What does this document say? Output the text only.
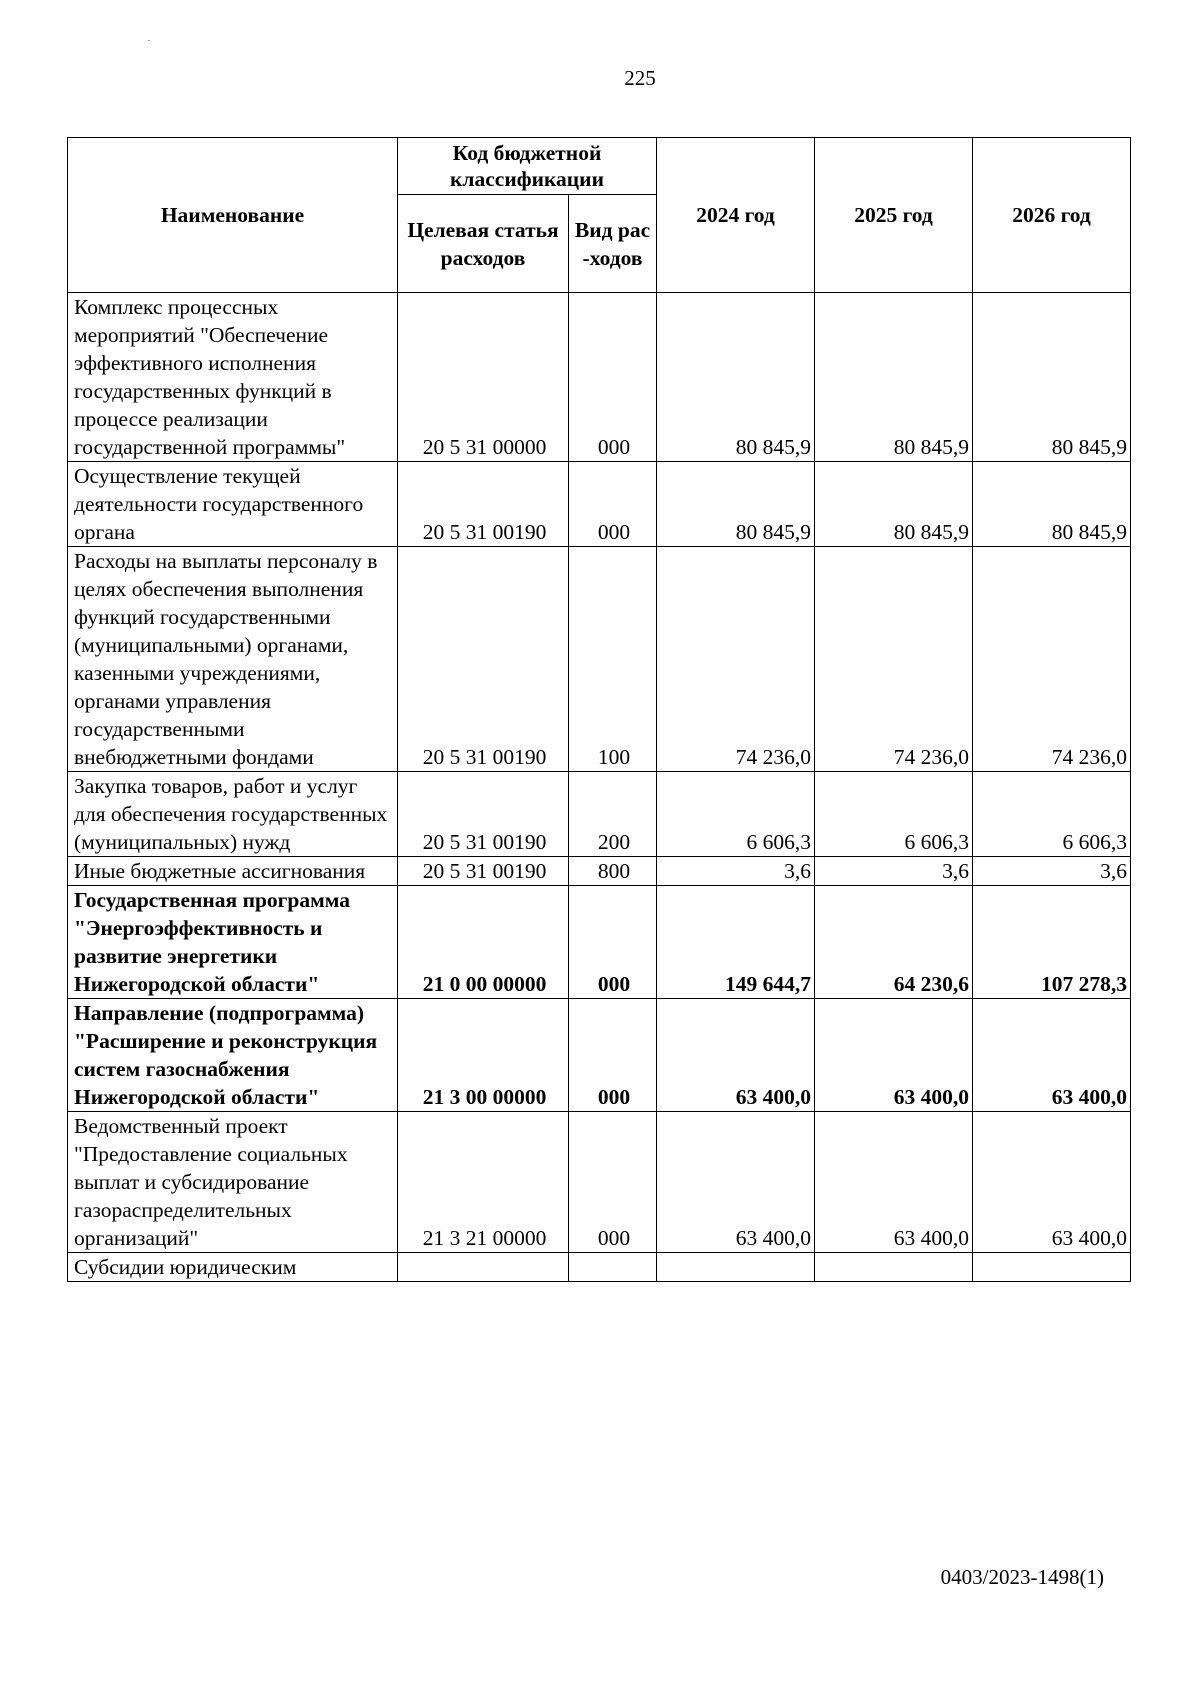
225
Наименование	Код бюджетной классификации		2024 год	2025 год	2026 год
	Целевая статья расходов	Вид рас-ходов			
Комплекс процессных мероприятий "Обеспечение эффективного исполнения государственных функций в процессе реализации государственной программы"	20 5 31 00000	000	80 845,9	80 845,9	80 845,9
Осуществление текущей деятельности государственного органа	20 5 31 00190	000	80 845,9	80 845,9	80 845,9
Расходы на выплаты персоналу в целях обеспечения выполнения функций государственными (муниципальными) органами, казенными учреждениями, органами управления государственными внебюджетными фондами	20 5 31 00190	100	74 236,0	74 236,0	74 236,0
Закупка товаров, работ и услуг для обеспечения государственных (муниципальных) нужд	20 5 31 00190	200	6 606,3	6 606,3	6 606,3
Иные бюджетные ассигнования	20 5 31 00190	800	3,6	3,6	3,6
Государственная программа "Энергоэффективность и развитие энергетики Нижегородской области"	21 0 00 00000	000	149 644,7	64 230,6	107 278,3
Направление (подпрограмма) "Расширение и реконструкция систем газоснабжения Нижегородской области"	21 3 00 00000	000	63 400,0	63 400,0	63 400,0
Ведомственный проект "Предоставление социальных выплат и субсидирование газораспределительных организаций"	21 3 21 00000	000	63 400,0	63 400,0	63 400,0
Субсидии юридическим					
0403/2023-1498(1)
